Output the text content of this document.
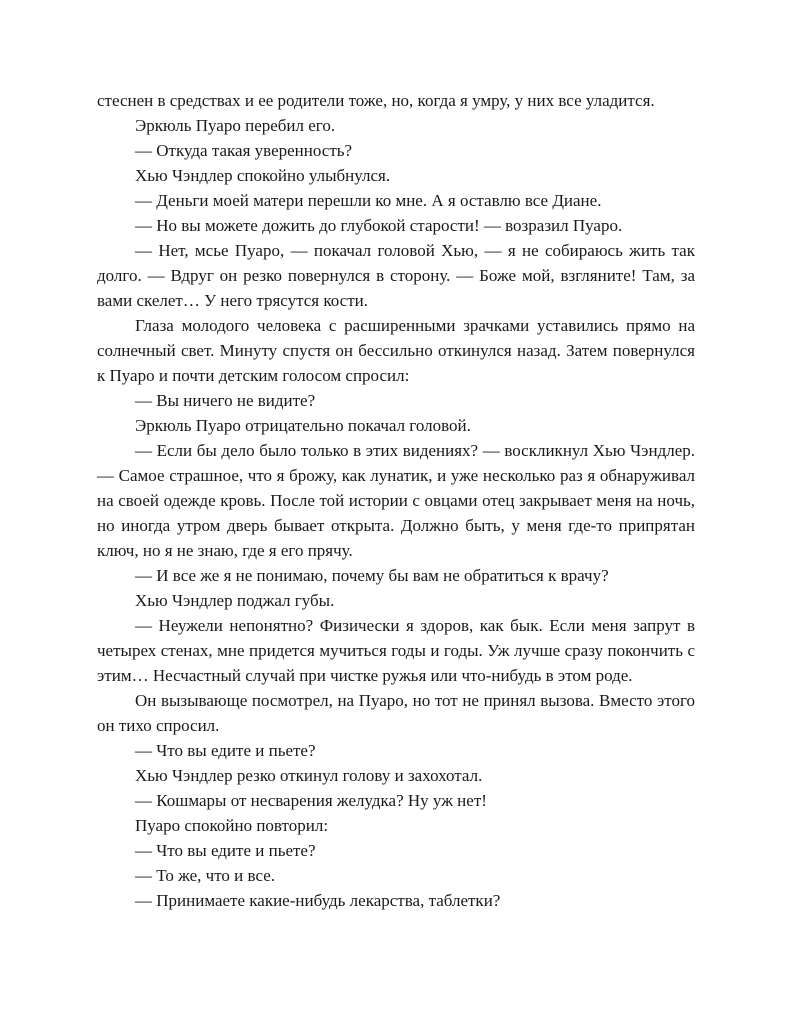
стеснен в средствах и ее родители тоже, но, когда я умру, у них все уладится.

Эркюль Пуаро перебил его.

— Откуда такая уверенность?

Хью Чэндлер спокойно улыбнулся.

— Деньги моей матери перешли ко мне. А я оставлю все Диане.

— Но вы можете дожить до глубокой старости! — возразил Пуаро.

— Нет, мсье Пуаро, — покачал головой Хью, — я не собираюсь жить так долго. — Вдруг он резко повернулся в сторону. — Боже мой, взгляните! Там, за вами скелет… У него трясутся кости.

Глаза молодого человека с расширенными зрачками уставились прямо на солнечный свет. Минуту спустя он бессильно откинулся назад. Затем повернулся к Пуаро и почти детским голосом спросил:

— Вы ничего не видите?

Эркюль Пуаро отрицательно покачал головой.

— Если бы дело было только в этих видениях? — воскликнул Хью Чэндлер. — Самое страшное, что я брожу, как лунатик, и уже несколько раз я обнаруживал на своей одежде кровь. После той истории с овцами отец закрывает меня на ночь, но иногда утром дверь бывает открыта. Должно быть, у меня где-то припрятан ключ, но я не знаю, где я его прячу.

— И все же я не понимаю, почему бы вам не обратиться к врачу?

Хью Чэндлер поджал губы.

— Неужели непонятно? Физически я здоров, как бык. Если меня запрут в четырех стенах, мне придется мучиться годы и годы. Уж лучше сразу покончить с этим… Несчастный случай при чистке ружья или что-нибудь в этом роде.

Он вызывающе посмотрел, на Пуаро, но тот не принял вызова. Вместо этого он тихо спросил.

— Что вы едите и пьете?

Хью Чэндлер резко откинул голову и захохотал.

— Кошмары от несварения желудка? Ну уж нет!

Пуаро спокойно повторил:

— Что вы едите и пьете?

— То же, что и все.

— Принимаете какие-нибудь лекарства, таблетки?
